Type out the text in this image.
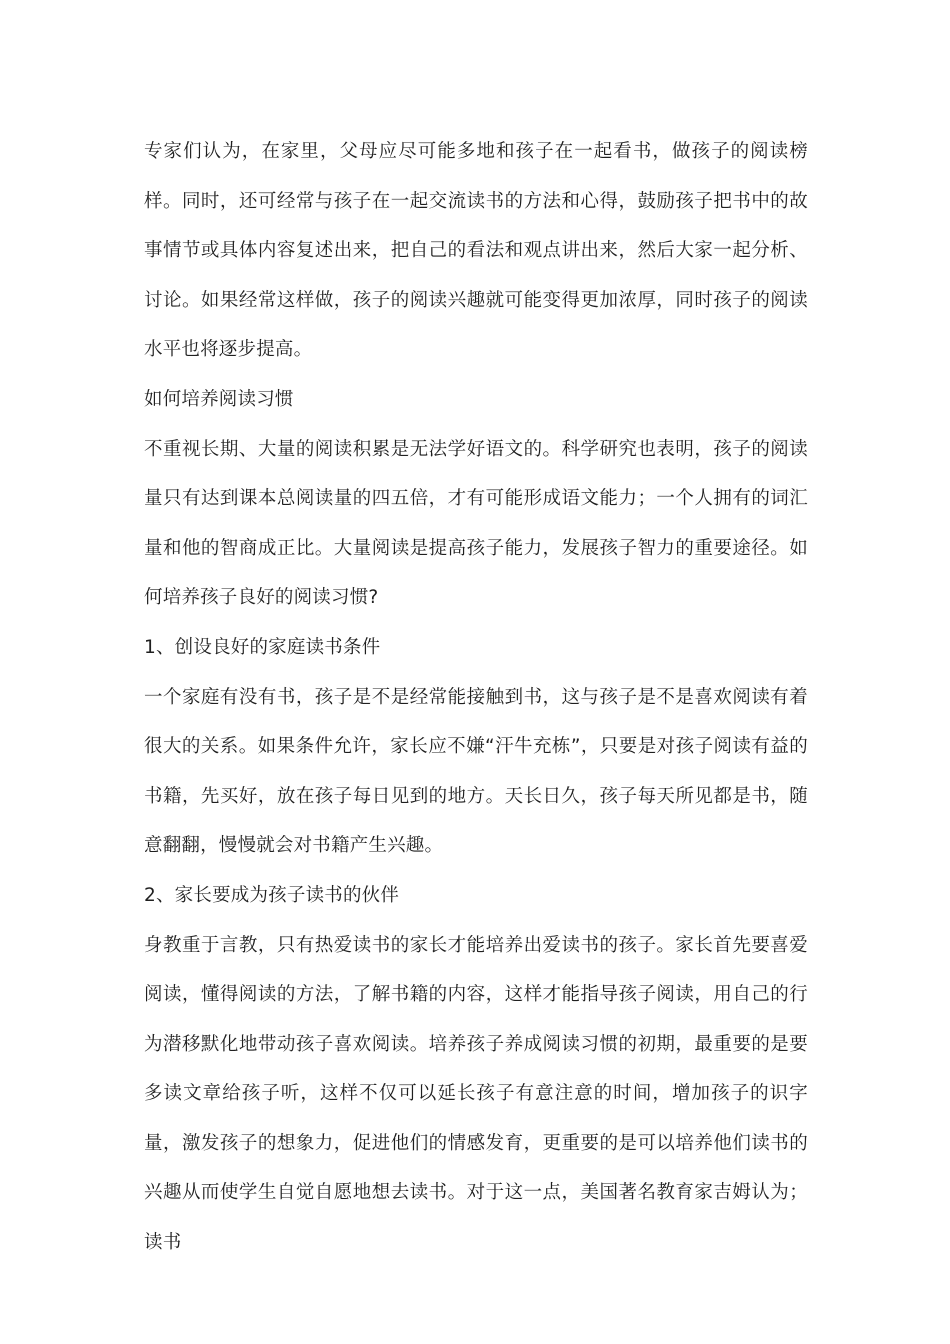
专家们认为，在家里，父母应尽可能多地和孩子在一起看书，做孩子的阅读榜样。同时，还可经常与孩子在一起交流读书的方法和心得，鼓励孩子把书中的故事情节或具体内容复述出来，把自己的看法和观点讲出来，然后大家一起分析、讨论。如果经常这样做，孩子的阅读兴趣就可能变得更加浓厚，同时孩子的阅读水平也将逐步提高。

如何培养阅读习惯

不重视长期、大量的阅读积累是无法学好语文的。科学研究也表明，孩子的阅读量只有达到课本总阅读量的四五倍，才有可能形成语文能力；一个人拥有的词汇量和他的智商成正比。大量阅读是提高孩子能力，发展孩子智力的重要途径。如何培养孩子良好的阅读习惯?

1、创设良好的家庭读书条件

一个家庭有没有书，孩子是不是经常能接触到书，这与孩子是不是喜欢阅读有着很大的关系。如果条件允许，家长应不嫌“汗牛充栋”，只要是对孩子阅读有益的书籍，先买好，放在孩子每日见到的地方。天长日久，孩子每天所见都是书，随意翻翻，慢慢就会对书籍产生兴趣。

2、家长要成为孩子读书的伙伴

身教重于言教，只有热爱读书的家长才能培养出爱读书的孩子。家长首先要喜爱阅读，懂得阅读的方法，了解书籍的内容，这样才能指导孩子阅读，用自己的行为潜移默化地带动孩子喜欢阅读。培养孩子养成阅读习惯的初期，最重要的是要多读文章给孩子听，这样不仅可以延长孩子有意注意的时间，增加孩子的识字量，激发孩子的想象力，促进他们的情感发育，更重要的是可以培养他们读书的兴趣从而使学生自觉自愿地想去读书。对于这一点，美国著名教育家吉姆认为；读书
